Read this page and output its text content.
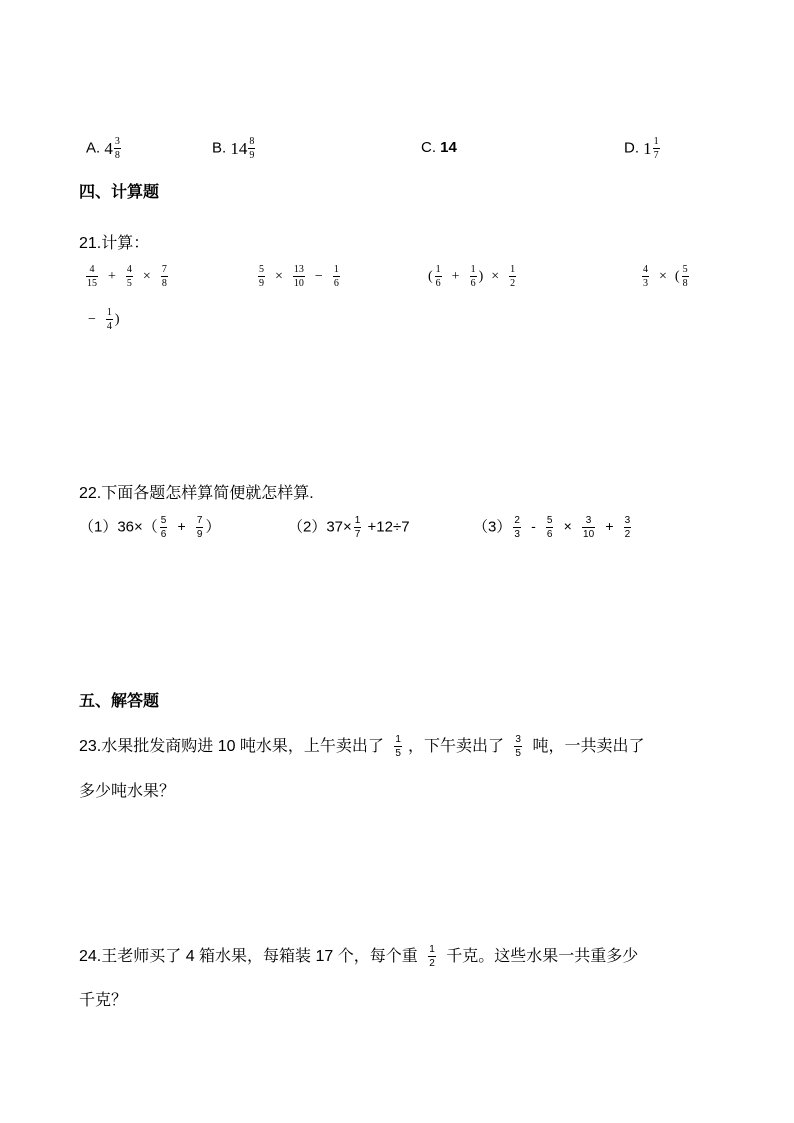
A. $4 \frac{3}{8}$	B. $14 \frac{8}{9}$	C. 14	D. $1 \frac{1}{7}$
四、计算题
21.计算：
$\frac{4}{15} + \frac{4}{5} \times \frac{7}{8}$	$\frac{5}{9} \times \frac{13}{10} - \frac{1}{6}$	( $\frac{1}{6} + \frac{1}{6}$ ) × $\frac{1}{2}$	$\frac{4}{3}$ × ( $\frac{5}{8}$
− $\frac{1}{4}$ )
22.下面各题怎样算简便就怎样算.
$(1)36\times( \frac{5}{6} + \frac{7}{9}$ ）	$(2)37\times \frac{1}{7} +12\div 7$	$(3) \frac{2}{3} - \frac{5}{6} \times \frac{3}{10} + \frac{3}{2}$
五、解答题
23.水果批发商购进 10 吨水果，上午卖出了 $\frac{1}{5}$ ，下午卖出了 $\frac{3}{5}$ 吨，一共卖出了
多少吨水果？
24.王老师买了 4 箱水果，每箱装 17 个，每个重 $\frac{1}{2}$ 千克。这些水果一共重多少
千克？
